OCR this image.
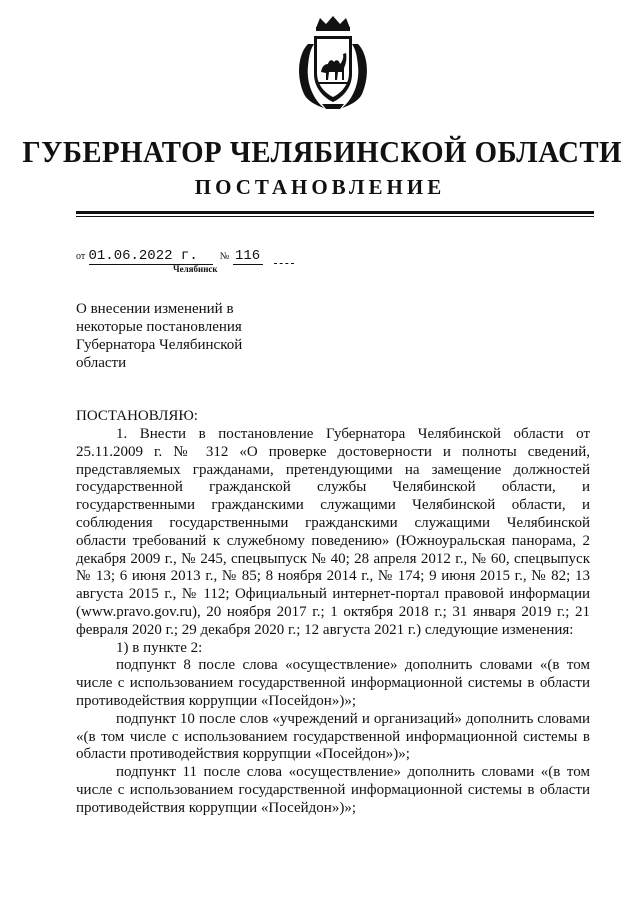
ГУБЕРНАТОР ЧЕЛЯБИНСКОЙ ОБЛАСТИ
ПОСТАНОВЛЕНИЕ
от 01.06.2022 г. № 116
Челябинск
О внесении изменений в
некоторые постановления
Губернатора Челябинской
области
ПОСТАНОВЛЯЮ:

1. Внести в постановление Губернатора Челябинской области от 25.11.2009 г. № 312 «О проверке достоверности и полноты сведений, представляемых гражданами, претендующими на замещение должностей государственной гражданской службы Челябинской области, и государственными гражданскими служащими Челябинской области, и соблюдения государственными гражданскими служащими Челябинской области требований к служебному поведению» (Южноуральская панорама, 2 декабря 2009 г., № 245, спецвыпуск № 40; 28 апреля 2012 г., № 60, спецвыпуск № 13; 6 июня 2013 г., № 85; 8 ноября 2014 г., № 174; 9 июня 2015 г., № 82; 13 августа 2015 г., № 112; Официальный интернет-портал правовой информации (www.pravo.gov.ru), 20 ноября 2017 г.; 1 октября 2018 г.; 31 января 2019 г.; 21 февраля 2020 г.; 29 декабря 2020 г.; 12 августа 2021 г.) следующие изменения:

1) в пункте 2:

подпункт 8 после слова «осуществление» дополнить словами «(в том числе с использованием государственной информационной системы в области противодействия коррупции «Посейдон»)»;

подпункт 10 после слов «учреждений и организаций» дополнить словами «(в том числе с использованием государственной информационной системы в области противодействия коррупции «Посейдон»)»;

подпункт 11 после слова «осуществление» дополнить словами «(в том числе с использованием государственной информационной системы в области противодействия коррупции «Посейдон»)»;
